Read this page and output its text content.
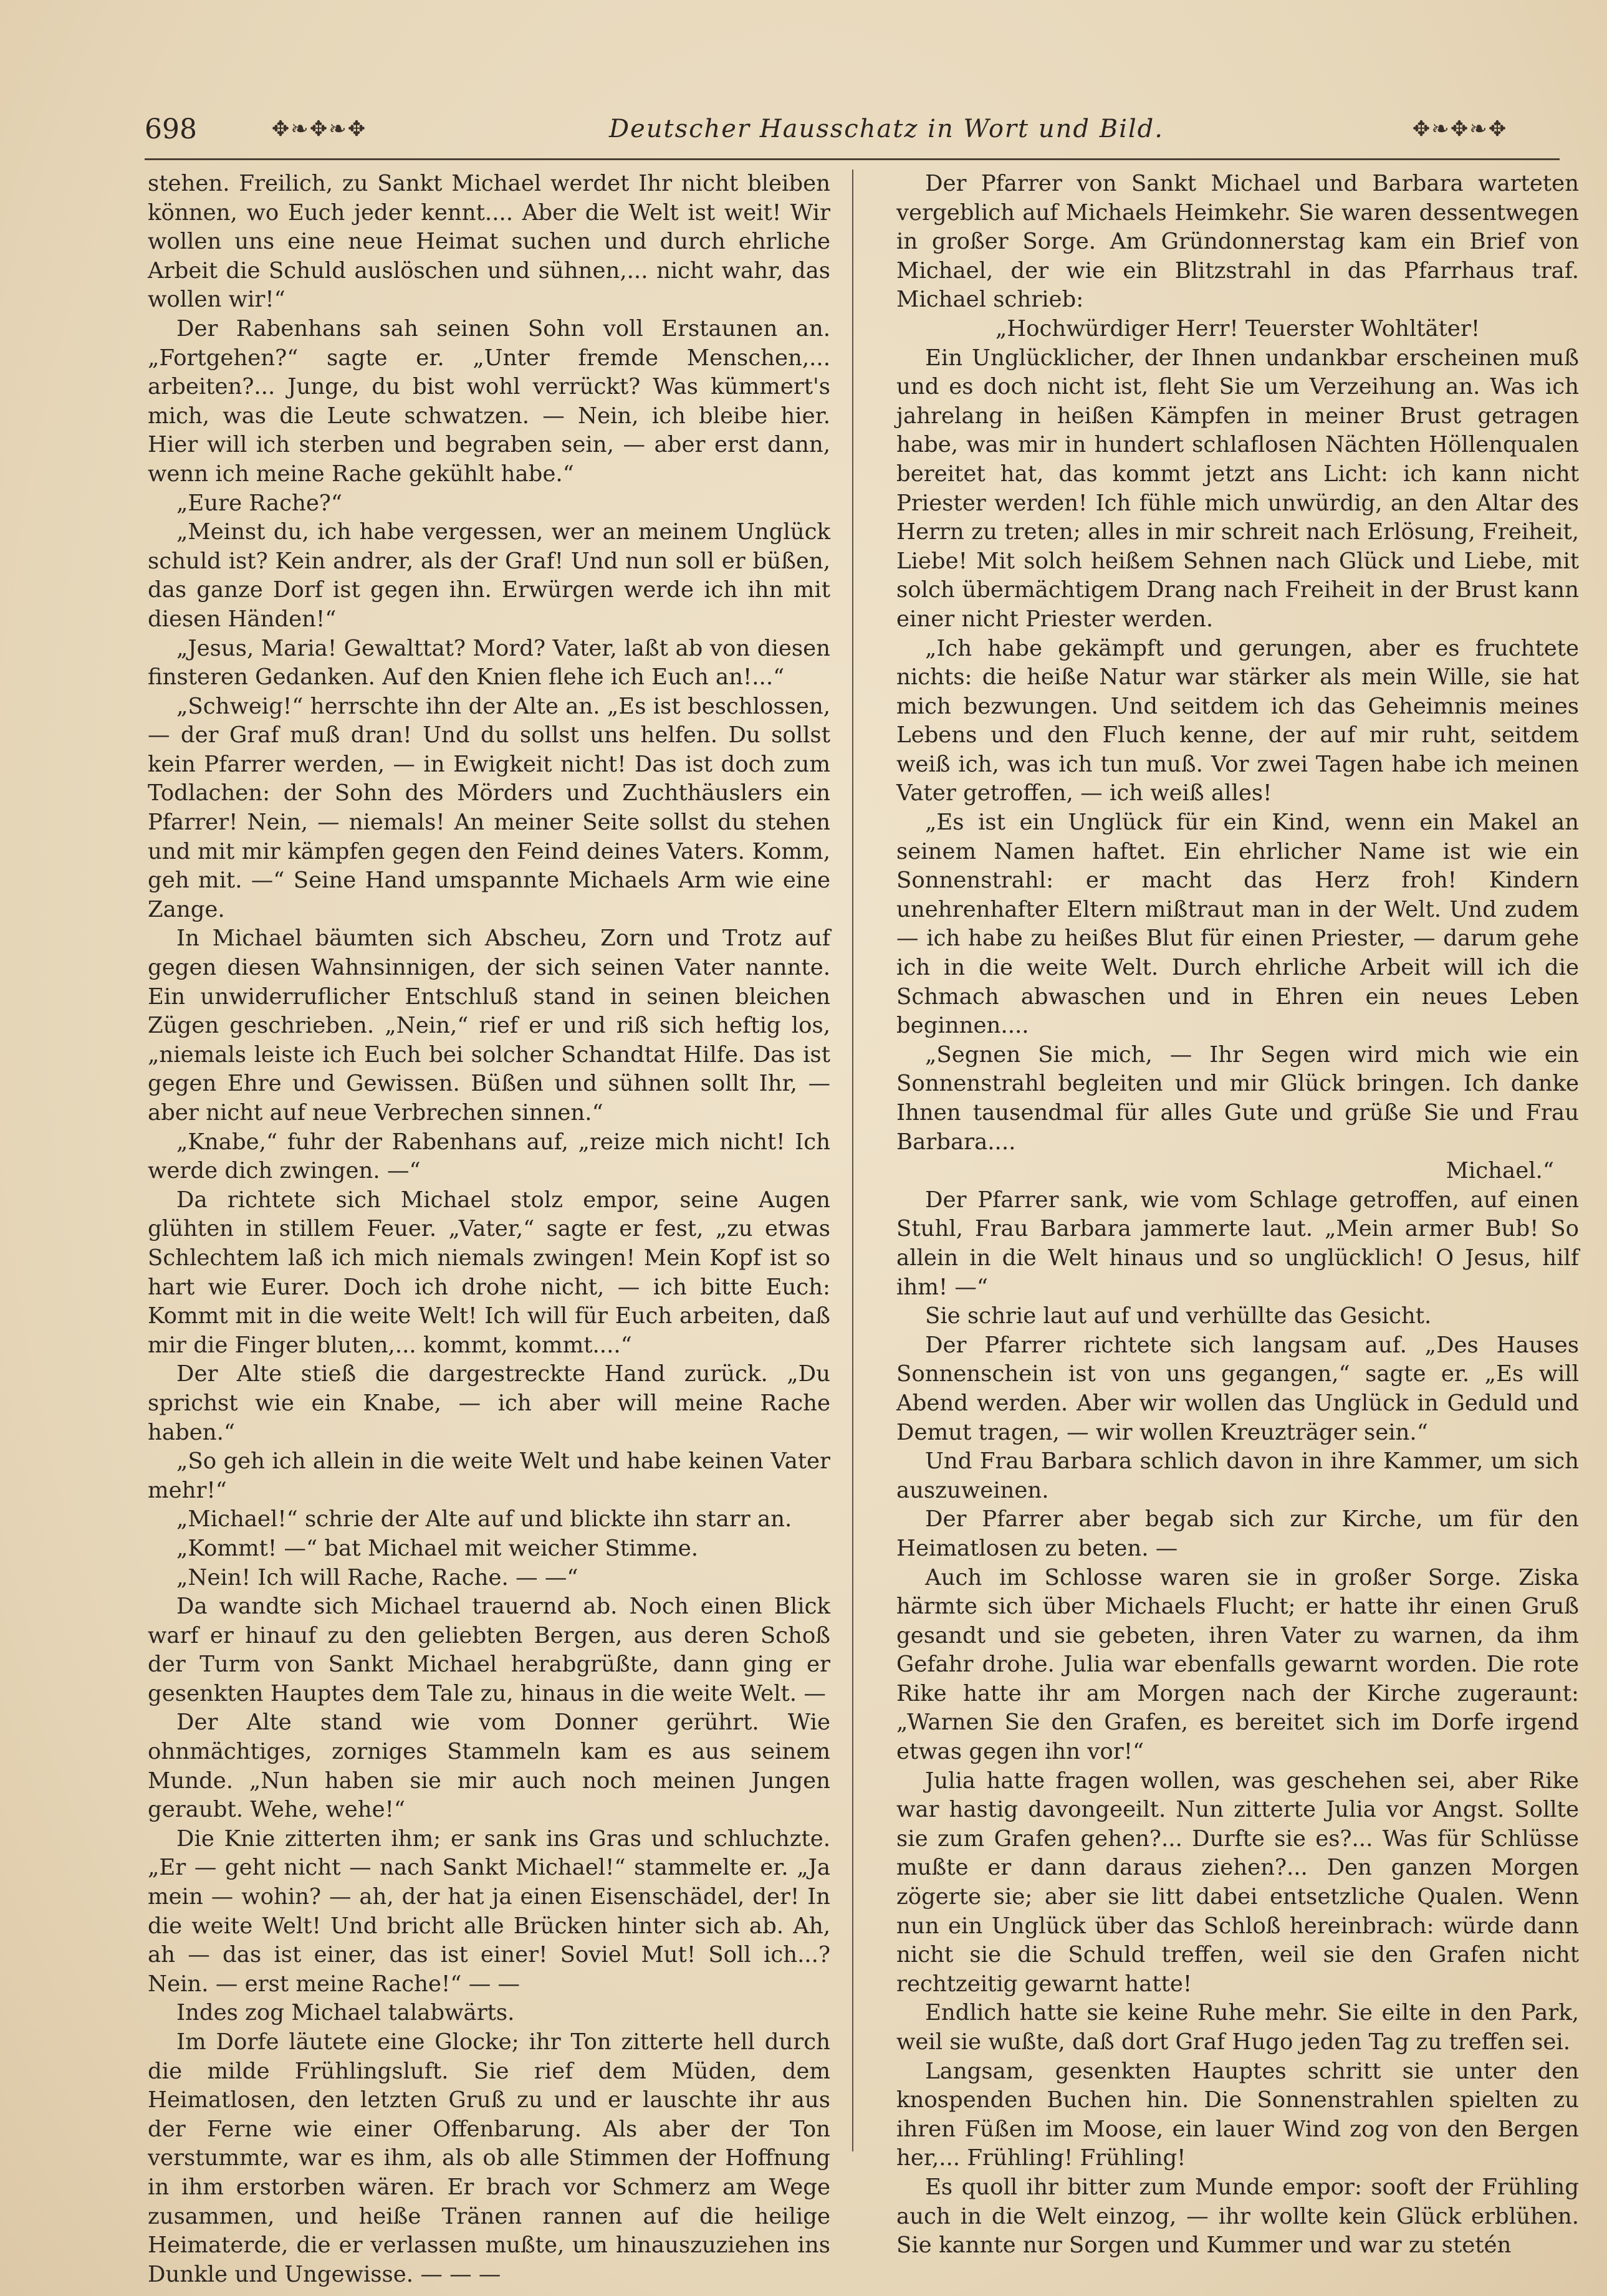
698	✥❧✥❧✥	Deutscher Hausschatz in Wort und Bild.	✥❧✥❧✥

stehen. Freilich, zu Sankt Michael werdet Ihr nicht bleiben können, wo Euch jeder kennt.... Aber die Welt ist weit! Wir wollen uns eine neue Heimat suchen und durch ehrliche Arbeit die Schuld auslöschen und sühnen,... nicht wahr, das wollen wir!“

Der Rabenhans sah seinen Sohn voll Erstaunen an. „Fortgehen?“ sagte er. „Unter fremde Menschen,... arbeiten?... Junge, du bist wohl verrückt? Was kümmert's mich, was die Leute schwatzen. — Nein, ich bleibe hier. Hier will ich sterben und begraben sein, — aber erst dann, wenn ich meine Rache gekühlt habe.“

„Eure Rache?“

„Meinst du, ich habe vergessen, wer an meinem Unglück schuld ist? Kein andrer, als der Graf! Und nun soll er büßen, das ganze Dorf ist gegen ihn. Erwürgen werde ich ihn mit diesen Händen!“

„Jesus, Maria! Gewalttat? Mord? Vater, laßt ab von diesen finsteren Gedanken. Auf den Knien flehe ich Euch an!...“

„Schweig!“ herrschte ihn der Alte an. „Es ist beschlossen, — der Graf muß dran! Und du sollst uns helfen. Du sollst kein Pfarrer werden, — in Ewigkeit nicht! Das ist doch zum Todlachen: der Sohn des Mörders und Zuchthäuslers ein Pfarrer! Nein, — niemals! An meiner Seite sollst du stehen und mit mir kämpfen gegen den Feind deines Vaters. Komm, geh mit. —“ Seine Hand umspannte Michaels Arm wie eine Zange.

In Michael bäumten sich Abscheu, Zorn und Trotz auf gegen diesen Wahnsinnigen, der sich seinen Vater nannte. Ein unwiderruflicher Entschluß stand in seinen bleichen Zügen geschrieben. „Nein,“ rief er und riß sich heftig los, „niemals leiste ich Euch bei solcher Schandtat Hilfe. Das ist gegen Ehre und Gewissen. Büßen und sühnen sollt Ihr, — aber nicht auf neue Verbrechen sinnen.“

„Knabe,“ fuhr der Rabenhans auf, „reize mich nicht! Ich werde dich zwingen. —“

Da richtete sich Michael stolz empor, seine Augen glühten in stillem Feuer. „Vater,“ sagte er fest, „zu etwas Schlechtem laß ich mich niemals zwingen! Mein Kopf ist so hart wie Eurer. Doch ich drohe nicht, — ich bitte Euch: Kommt mit in die weite Welt! Ich will für Euch arbeiten, daß mir die Finger bluten,... kommt, kommt....“

Der Alte stieß die dargestreckte Hand zurück. „Du sprichst wie ein Knabe, — ich aber will meine Rache haben.“

„So geh ich allein in die weite Welt und habe keinen Vater mehr!“

„Michael!“ schrie der Alte auf und blickte ihn starr an.

„Kommt! —“ bat Michael mit weicher Stimme.

„Nein! Ich will Rache, Rache. — —“

Da wandte sich Michael trauernd ab. Noch einen Blick warf er hinauf zu den geliebten Bergen, aus deren Schoß der Turm von Sankt Michael herabgrüßte, dann ging er gesenkten Hauptes dem Tale zu, hinaus in die weite Welt. —

Der Alte stand wie vom Donner gerührt. Wie ohnmächtiges, zorniges Stammeln kam es aus seinem Munde. „Nun haben sie mir auch noch meinen Jungen geraubt. Wehe, wehe!“

Die Knie zitterten ihm; er sank ins Gras und schluchzte. „Er — geht nicht — nach Sankt Michael!“ stammelte er. „Ja mein — wohin? — ah, der hat ja einen Eisenschädel, der! In die weite Welt! Und bricht alle Brücken hinter sich ab. Ah, ah — das ist einer, das ist einer! Soviel Mut! Soll ich...? Nein. — erst meine Rache!“ — —

Indes zog Michael talabwärts.

Im Dorfe läutete eine Glocke; ihr Ton zitterte hell durch die milde Frühlingsluft. Sie rief dem Müden, dem Heimatlosen, den letzten Gruß zu und er lauschte ihr aus der Ferne wie einer Offenbarung. Als aber der Ton verstummte, war es ihm, als ob alle Stimmen der Hoffnung in ihm erstorben wären. Er brach vor Schmerz am Wege zusammen, und heiße Tränen rannen auf die heilige Heimaterde, die er verlassen mußte, um hinauszuziehen ins Dunkle und Ungewisse. — — —

Der Pfarrer von Sankt Michael und Barbara warteten vergeblich auf Michaels Heimkehr. Sie waren dessentwegen in großer Sorge. Am Gründonnerstag kam ein Brief von Michael, der wie ein Blitzstrahl in das Pfarrhaus traf. Michael schrieb:

„Hochwürdiger Herr! Teuerster Wohltäter!

Ein Unglücklicher, der Ihnen undankbar erscheinen muß und es doch nicht ist, fleht Sie um Verzeihung an. Was ich jahrelang in heißen Kämpfen in meiner Brust getragen habe, was mir in hundert schlaflosen Nächten Höllenqualen bereitet hat, das kommt jetzt ans Licht: ich kann nicht Priester werden! Ich fühle mich unwürdig, an den Altar des Herrn zu treten; alles in mir schreit nach Erlösung, Freiheit, Liebe! Mit solch heißem Sehnen nach Glück und Liebe, mit solch übermächtigem Drang nach Freiheit in der Brust kann einer nicht Priester werden.

„Ich habe gekämpft und gerungen, aber es fruchtete nichts: die heiße Natur war stärker als mein Wille, sie hat mich bezwungen. Und seitdem ich das Geheimnis meines Lebens und den Fluch kenne, der auf mir ruht, seitdem weiß ich, was ich tun muß. Vor zwei Tagen habe ich meinen Vater getroffen, — ich weiß alles!

„Es ist ein Unglück für ein Kind, wenn ein Makel an seinem Namen haftet. Ein ehrlicher Name ist wie ein Sonnenstrahl: er macht das Herz froh! Kindern unehrenhafter Eltern mißtraut man in der Welt. Und zudem — ich habe zu heißes Blut für einen Priester, — darum gehe ich in die weite Welt. Durch ehrliche Arbeit will ich die Schmach abwaschen und in Ehren ein neues Leben beginnen....

„Segnen Sie mich, — Ihr Segen wird mich wie ein Sonnenstrahl begleiten und mir Glück bringen. Ich danke Ihnen tausendmal für alles Gute und grüße Sie und Frau Barbara....

Michael.“

Der Pfarrer sank, wie vom Schlage getroffen, auf einen Stuhl, Frau Barbara jammerte laut. „Mein armer Bub! So allein in die Welt hinaus und so unglücklich! O Jesus, hilf ihm! —“

Sie schrie laut auf und verhüllte das Gesicht.

Der Pfarrer richtete sich langsam auf. „Des Hauses Sonnenschein ist von uns gegangen,“ sagte er. „Es will Abend werden. Aber wir wollen das Unglück in Geduld und Demut tragen, — wir wollen Kreuzträger sein.“

Und Frau Barbara schlich davon in ihre Kammer, um sich auszuweinen.

Der Pfarrer aber begab sich zur Kirche, um für den Heimatlosen zu beten. —

Auch im Schlosse waren sie in großer Sorge. Ziska härmte sich über Michaels Flucht; er hatte ihr einen Gruß gesandt und sie gebeten, ihren Vater zu warnen, da ihm Gefahr drohe. Julia war ebenfalls gewarnt worden. Die rote Rike hatte ihr am Morgen nach der Kirche zugeraunt: „Warnen Sie den Grafen, es bereitet sich im Dorfe irgend etwas gegen ihn vor!“

Julia hatte fragen wollen, was geschehen sei, aber Rike war hastig davongeeilt. Nun zitterte Julia vor Angst. Sollte sie zum Grafen gehen?... Durfte sie es?... Was für Schlüsse mußte er dann daraus ziehen?... Den ganzen Morgen zögerte sie; aber sie litt dabei entsetzliche Qualen. Wenn nun ein Unglück über das Schloß hereinbrach: würde dann nicht sie die Schuld treffen, weil sie den Grafen nicht rechtzeitig gewarnt hatte!

Endlich hatte sie keine Ruhe mehr. Sie eilte in den Park, weil sie wußte, daß dort Graf Hugo jeden Tag zu treffen sei.

Langsam, gesenkten Hauptes schritt sie unter den knospenden Buchen hin. Die Sonnenstrahlen spielten zu ihren Füßen im Moose, ein lauer Wind zog von den Bergen her,... Frühling! Frühling!

Es quoll ihr bitter zum Munde empor: sooft der Frühling auch in die Welt einzog, — ihr wollte kein Glück erblühen. Sie kannte nur Sorgen und Kummer und war zu stetén
